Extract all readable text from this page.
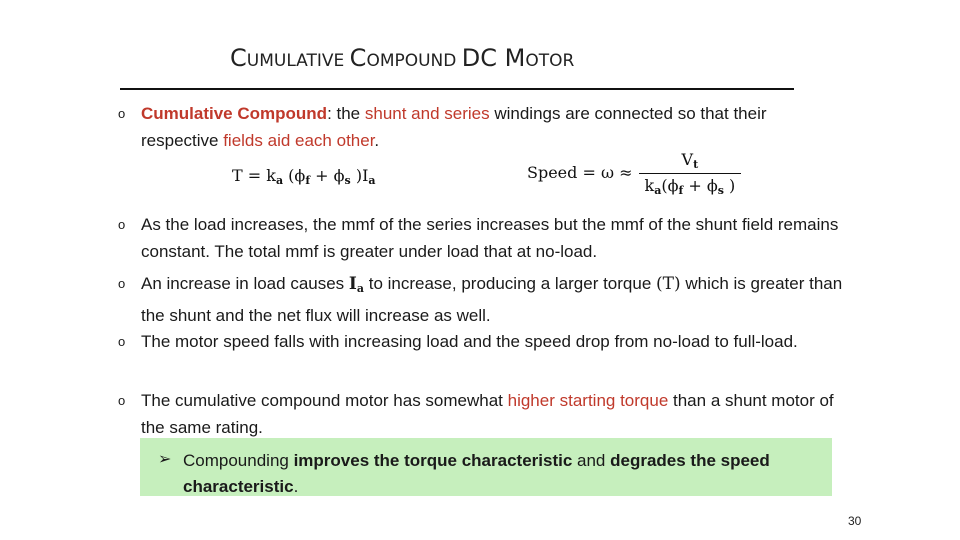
CUMULATIVE COMPOUND DC MOTOR
o Cumulative Compound: the shunt and series windings are connected so that their respective fields aid each other.
$T = k_a$ ($\phi_f + \phi_s$ )$I_a$	Speed = $\omega \approx \frac{V_t}{k_a(\phi_f + \phi_s )}$
o As the load increases, the mmf of the series increases but the mmf of the shunt field remains constant. The total mmf is greater under load that at no-load.
o An increase in load causes $I_a$ to increase, producing a larger torque (T) which is greater than the shunt and the net flux will increase as well.
o The motor speed falls with increasing load and the speed drop from no-load to full-load.
o The cumulative compound motor has somewhat higher starting torque than a shunt motor of the same rating.
➢ Compounding improves the torque characteristic and degrades the speed characteristic.
30
